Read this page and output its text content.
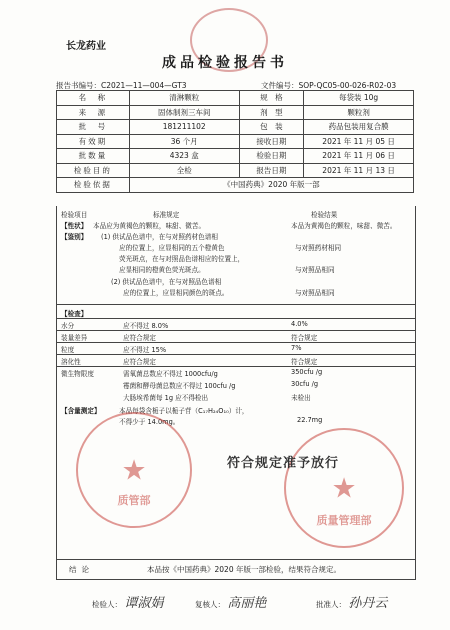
长龙药业
成品检验报告书
报告书编号：C2021—11—004—GT3	文件编号：SOP-QC05-00-026-R02-03
名　称	清淋颗粒	规　格	每袋装 10g
来　源	固体制剂三车间	剂　型	颗粒剂
批　号	181211102	包　装	药品包装用复合膜
有效期	36 个月	接收日期	2021 年 11 月 05 日
批数量	4323 盒	检验日期	2021 年 11 月 06 日
检验目的	全检	报告日期	2021 年 11 月 13 日
检验依据	《中国药典》2020 年版一部		
检验项目	标准规定	检验结果
【性状】 本品应为黄褐色的颗粒，味甜、微苦。	本品为黄褐色的颗粒，味甜、微苦。
【鉴别】 (1) 供试品色谱中，在与对照药材色谱相
应的位置上，应显相同的五个橙黄色	与对照药材相同
荧光斑点，在与对照品色谱相应的位置上，
应显相同的橙黄色荧光斑点。	与对照品相同
(2) 供试品色谱中，在与对照品色谱相
应的位置上，应显相同颜色的斑点。	与对照品相同
【检查】
水分	应不得过 8.0%	4.0%
装量差异	应符合规定	符合规定
粒度	应不得过 15%	7%
溶化性	应符合规定	符合规定
微生物限度	需氧菌总数应不得过 1000cfu/g	350cfu /g
霉菌和酵母菌总数应不得过 100cfu /g	30cfu /g
大肠埃希菌每 1g 应不得检出	未检出
【含量测定】	本品每袋含栀子以栀子苷（C₁₇H₂₄O₁₀）计，
不得少于 14.0mg。	22.7mg
★
质管部	★
质量管理部
符合规定准予放行
结论	本品按《中国药典》2020 年版一部检验，结果符合规定。
检验人： 谭淑娟	复核人： 高丽艳	批准人： 孙丹云
